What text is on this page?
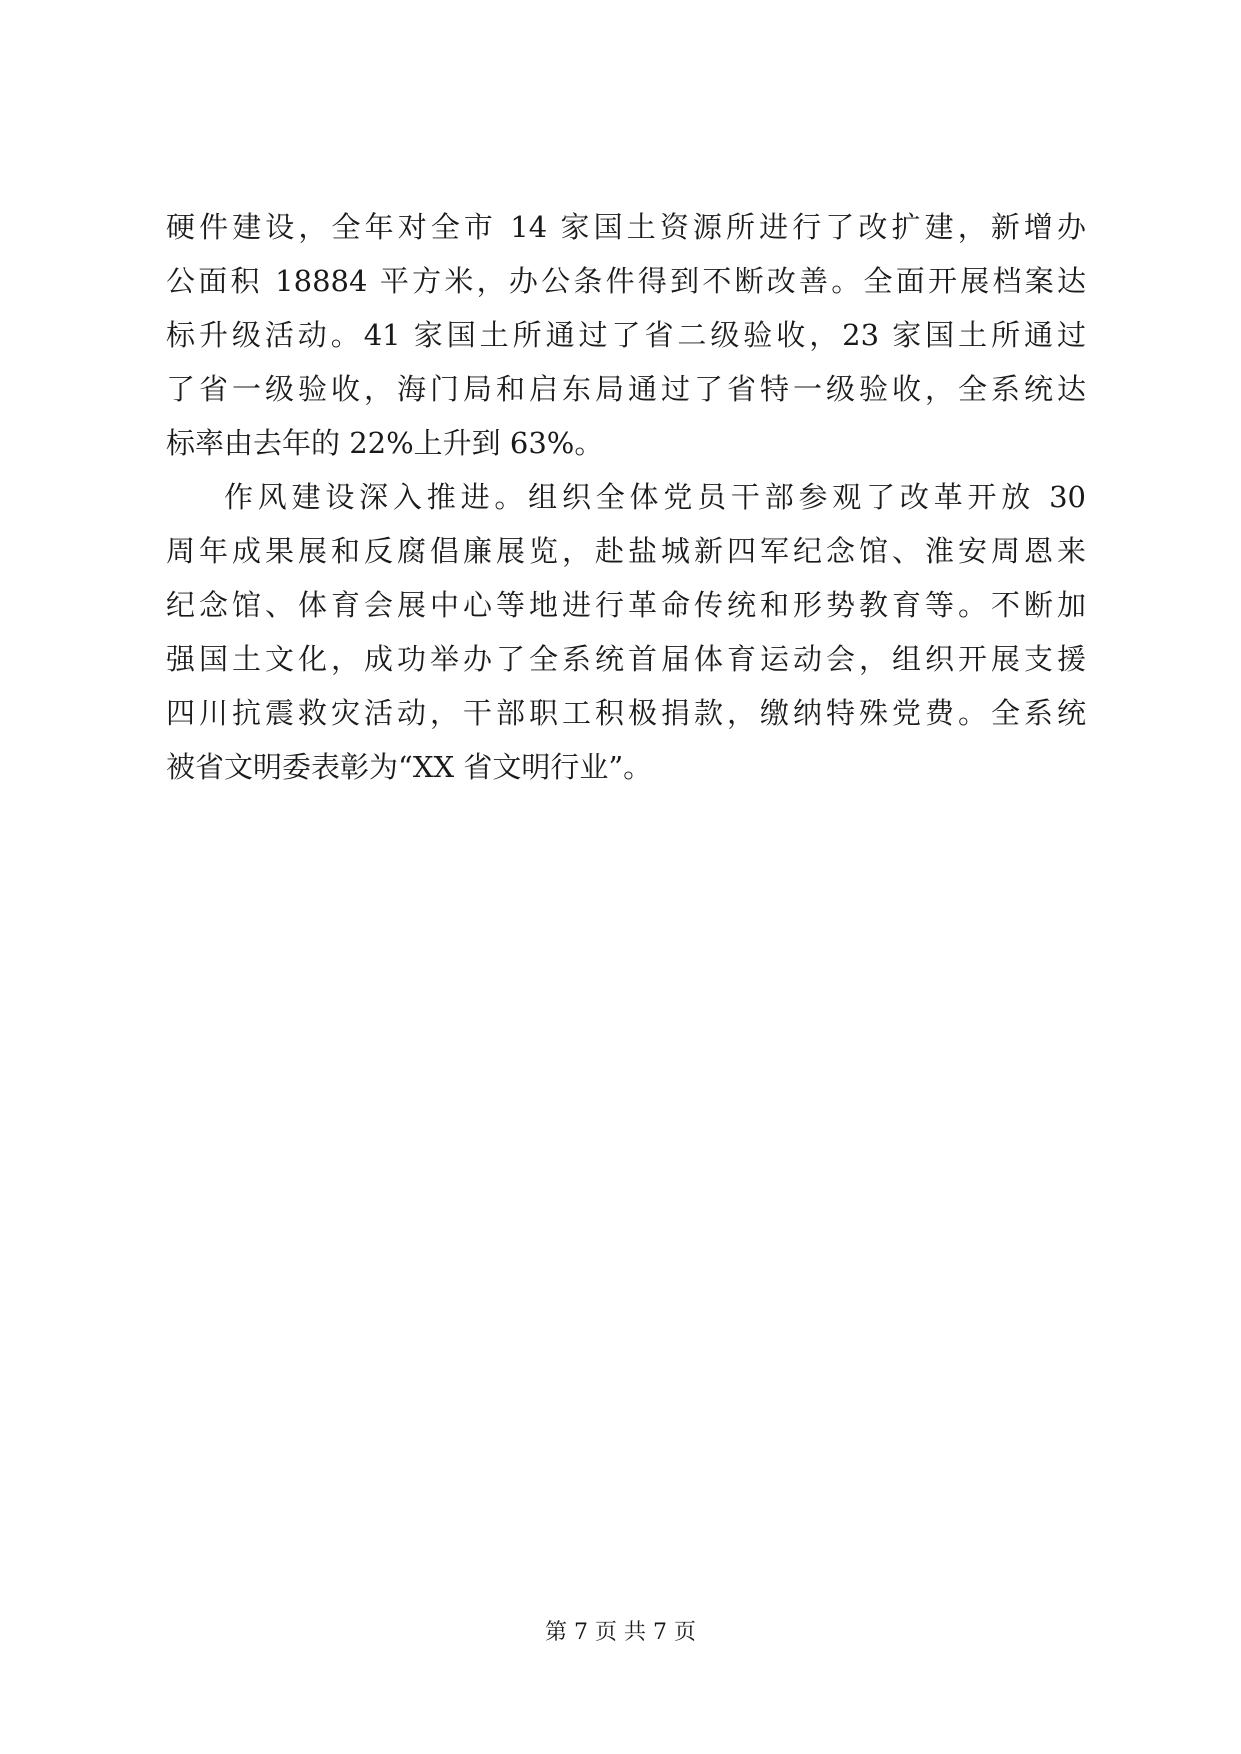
硬件建设，全年对全市 14 家国土资源所进行了改扩建，新增办
公面积 18884 平方米，办公条件得到不断改善。全面开展档案达
标升级活动。41 家国土所通过了省二级验收，23 家国土所通过
了省一级验收，海门局和启东局通过了省特一级验收，全系统达
标率由去年的 22%上升到 63%。
作风建设深入推进。组织全体党员干部参观了改革开放 30
周年成果展和反腐倡廉展览，赴盐城新四军纪念馆、淮安周恩来
纪念馆、体育会展中心等地进行革命传统和形势教育等。不断加
强国土文化，成功举办了全系统首届体育运动会，组织开展支援
四川抗震救灾活动，干部职工积极捐款，缴纳特殊党费。全系统
被省文明委表彰为“XX 省文明行业”。
第 7 页 共 7 页
